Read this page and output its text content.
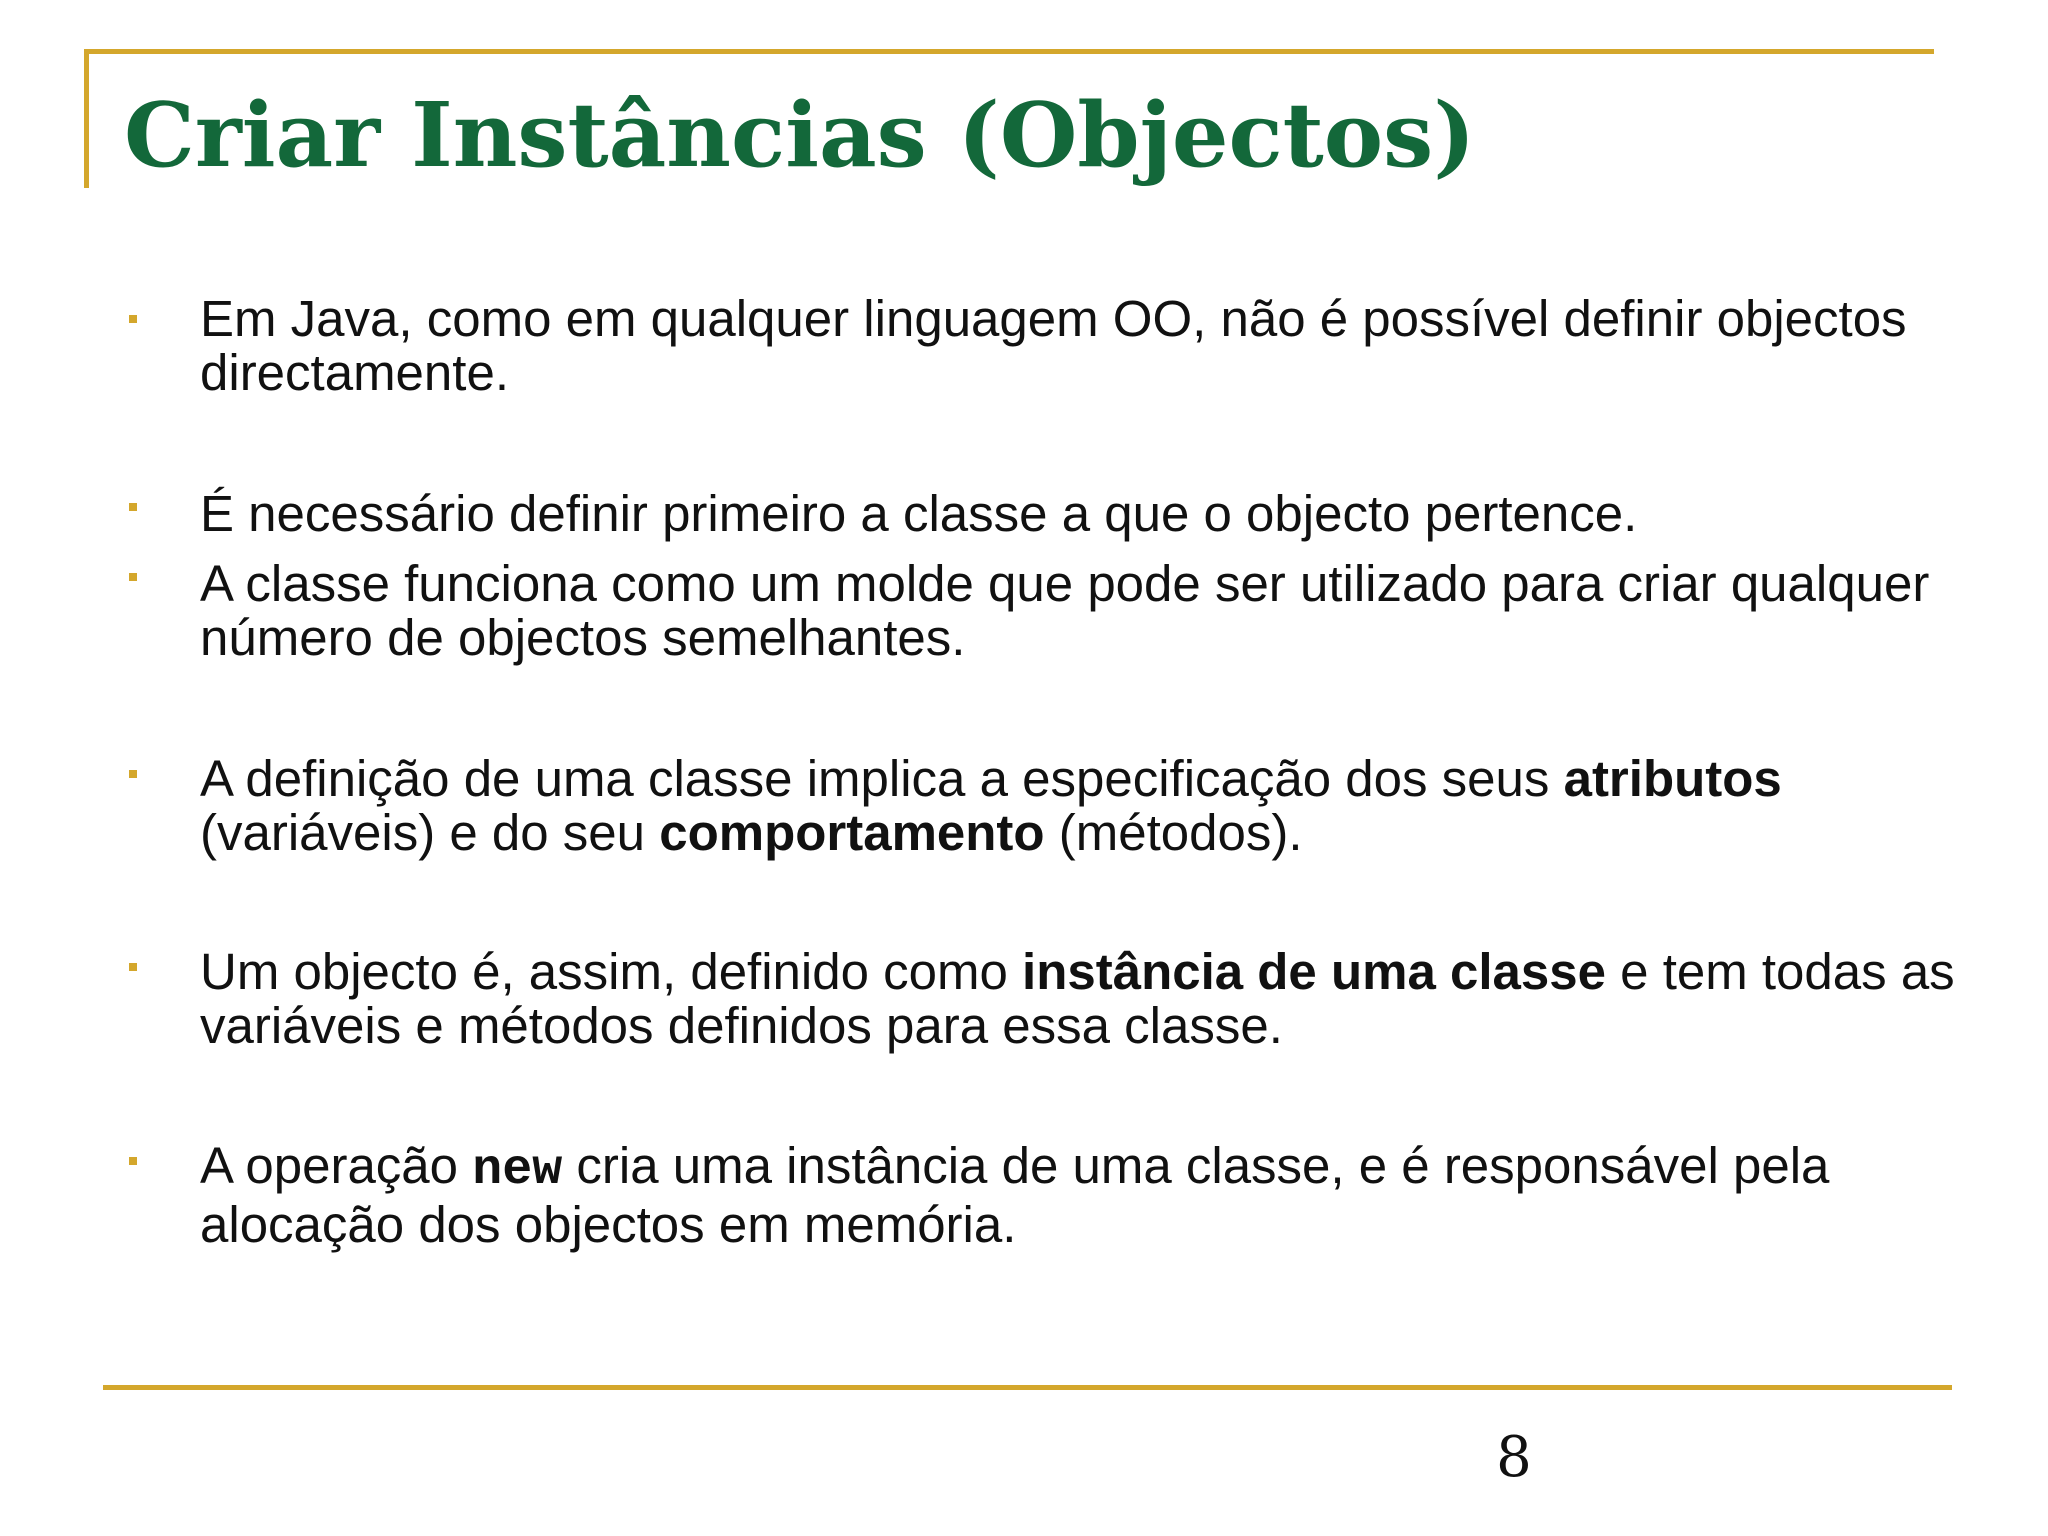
Criar Instâncias (Objectos)
Em Java, como em qualquer linguagem OO, não é possível definir objectos directamente.
É necessário definir primeiro a classe a que o objecto pertence.
A classe funciona como um molde que pode ser utilizado para criar qualquer número de objectos semelhantes.
A definição de uma classe implica a especificação dos seus atributos (variáveis) e do seu comportamento (métodos).
Um objecto é, assim, definido como instância de uma classe e tem todas as variáveis e métodos definidos para essa classe.
A operação new cria uma instância de uma classe, e é responsável pela alocação dos objectos em memória.
8
